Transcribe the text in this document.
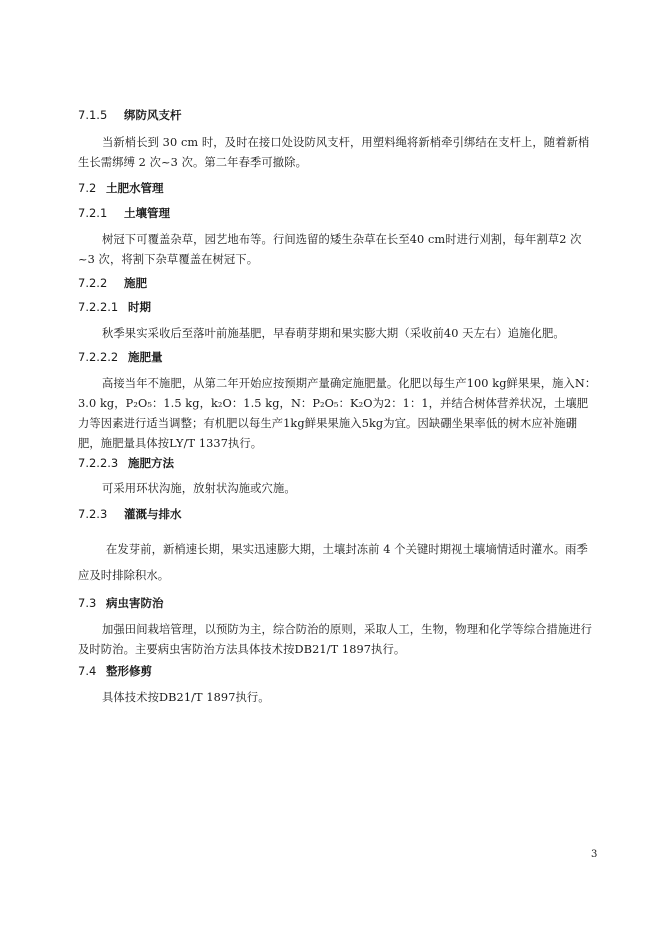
7.1.5 绑防风支杆

当新梢长到 30 cm 时，及时在接口处设防风支杆，用塑料绳将新梢牵引绑结在支杆上，随着新梢生长需绑缚 2 次~3 次。第二年春季可撤除。

7.2 土肥水管理
7.2.1 土壤管理

树冠下可覆盖杂草，园艺地布等。行间选留的矮生杂草在长至40 cm时进行刈割，每年割草2 次~3 次，将割下杂草覆盖在树冠下。

7.2.2 施肥
7.2.2.1 时期

秋季果实采收后至落叶前施基肥，早春萌芽期和果实膨大期（采收前40 天左右）追施化肥。

7.2.2.2 施肥量

高接当年不施肥，从第二年开始应按预期产量确定施肥量。化肥以每生产100 kg鲜果果，施入N：3.0 kg，P₂O₅：1.5 kg，k₂O：1.5 kg，N：P₂O₅：K₂O为2：1：1，并结合树体营养状况，土壤肥力等因素进行适当调整；有机肥以每生产1kg鲜果果施入5kg为宜。因缺硼坐果率低的树木应补施硼肥，施肥量具体按LY/T 1337执行。

7.2.2.3 施肥方法

可采用环状沟施，放射状沟施或穴施。

7.2.3 灌溉与排水

在发芽前，新梢速长期，果实迅速膨大期，土壤封冻前 4 个关键时期视土壤墒情适时灌水。雨季应及时排除积水。

7.3 病虫害防治

加强田间栽培管理，以预防为主，综合防治的原则，采取人工，生物，物理和化学等综合措施进行及时防治。主要病虫害防治方法具体技术按DB21/T 1897执行。

7.4 整形修剪

具体技术按DB21/T 1897执行。

3
